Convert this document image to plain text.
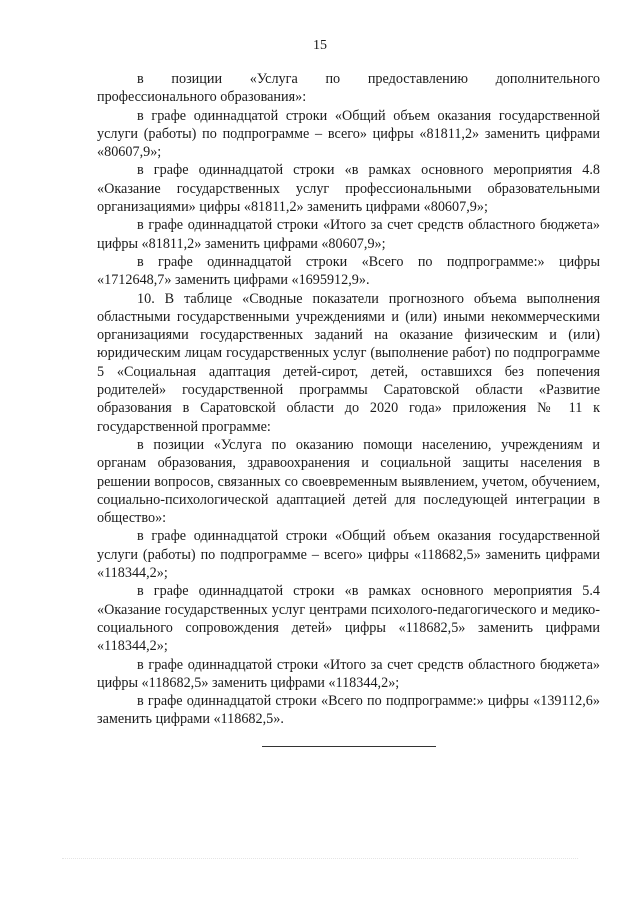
15

в позиции «Услуга по предоставлению дополнительного профессионального образования»:

в графе одиннадцатой строки «Общий объем оказания государственной услуги (работы) по подпрограмме – всего» цифры «81811,2» заменить цифрами «80607,9»;

в графе одиннадцатой строки «в рамках основного мероприятия 4.8 «Оказание государственных услуг профессиональными образовательными организациями» цифры «81811,2» заменить цифрами «80607,9»;

в графе одиннадцатой строки «Итого за счет средств областного бюджета» цифры «81811,2» заменить цифрами «80607,9»;

в графе одиннадцатой строки «Всего по подпрограмме:» цифры «1712648,7» заменить цифрами «1695912,9».

10. В таблице «Сводные показатели прогнозного объема выполнения областными государственными учреждениями и (или) иными некоммерческими организациями государственных заданий на оказание физическим и (или) юридическим лицам государственных услуг (выполнение работ) по подпрограмме 5 «Социальная адаптация детей-сирот, детей, оставшихся без попечения родителей» государственной программы Саратовской области «Развитие образования в Саратовской области до 2020 года» приложения № 11 к государственной программе:

в позиции «Услуга по оказанию помощи населению, учреждениям и органам образования, здравоохранения и социальной защиты населения в решении вопросов, связанных со своевременным выявлением, учетом, обучением, социально-психологической адаптацией детей для последующей интеграции в общество»:

в графе одиннадцатой строки «Общий объем оказания государственной услуги (работы) по подпрограмме – всего» цифры «118682,5» заменить цифрами «118344,2»;

в графе одиннадцатой строки «в рамках основного мероприятия 5.4 «Оказание государственных услуг центрами психолого-педагогического и медико-социального сопровождения детей» цифры «118682,5» заменить цифрами «118344,2»;

в графе одиннадцатой строки «Итого за счет средств областного бюджета» цифры «118682,5» заменить цифрами «118344,2»;

в графе одиннадцатой строки «Всего по подпрограмме:» цифры «139112,6» заменить цифрами «118682,5».
